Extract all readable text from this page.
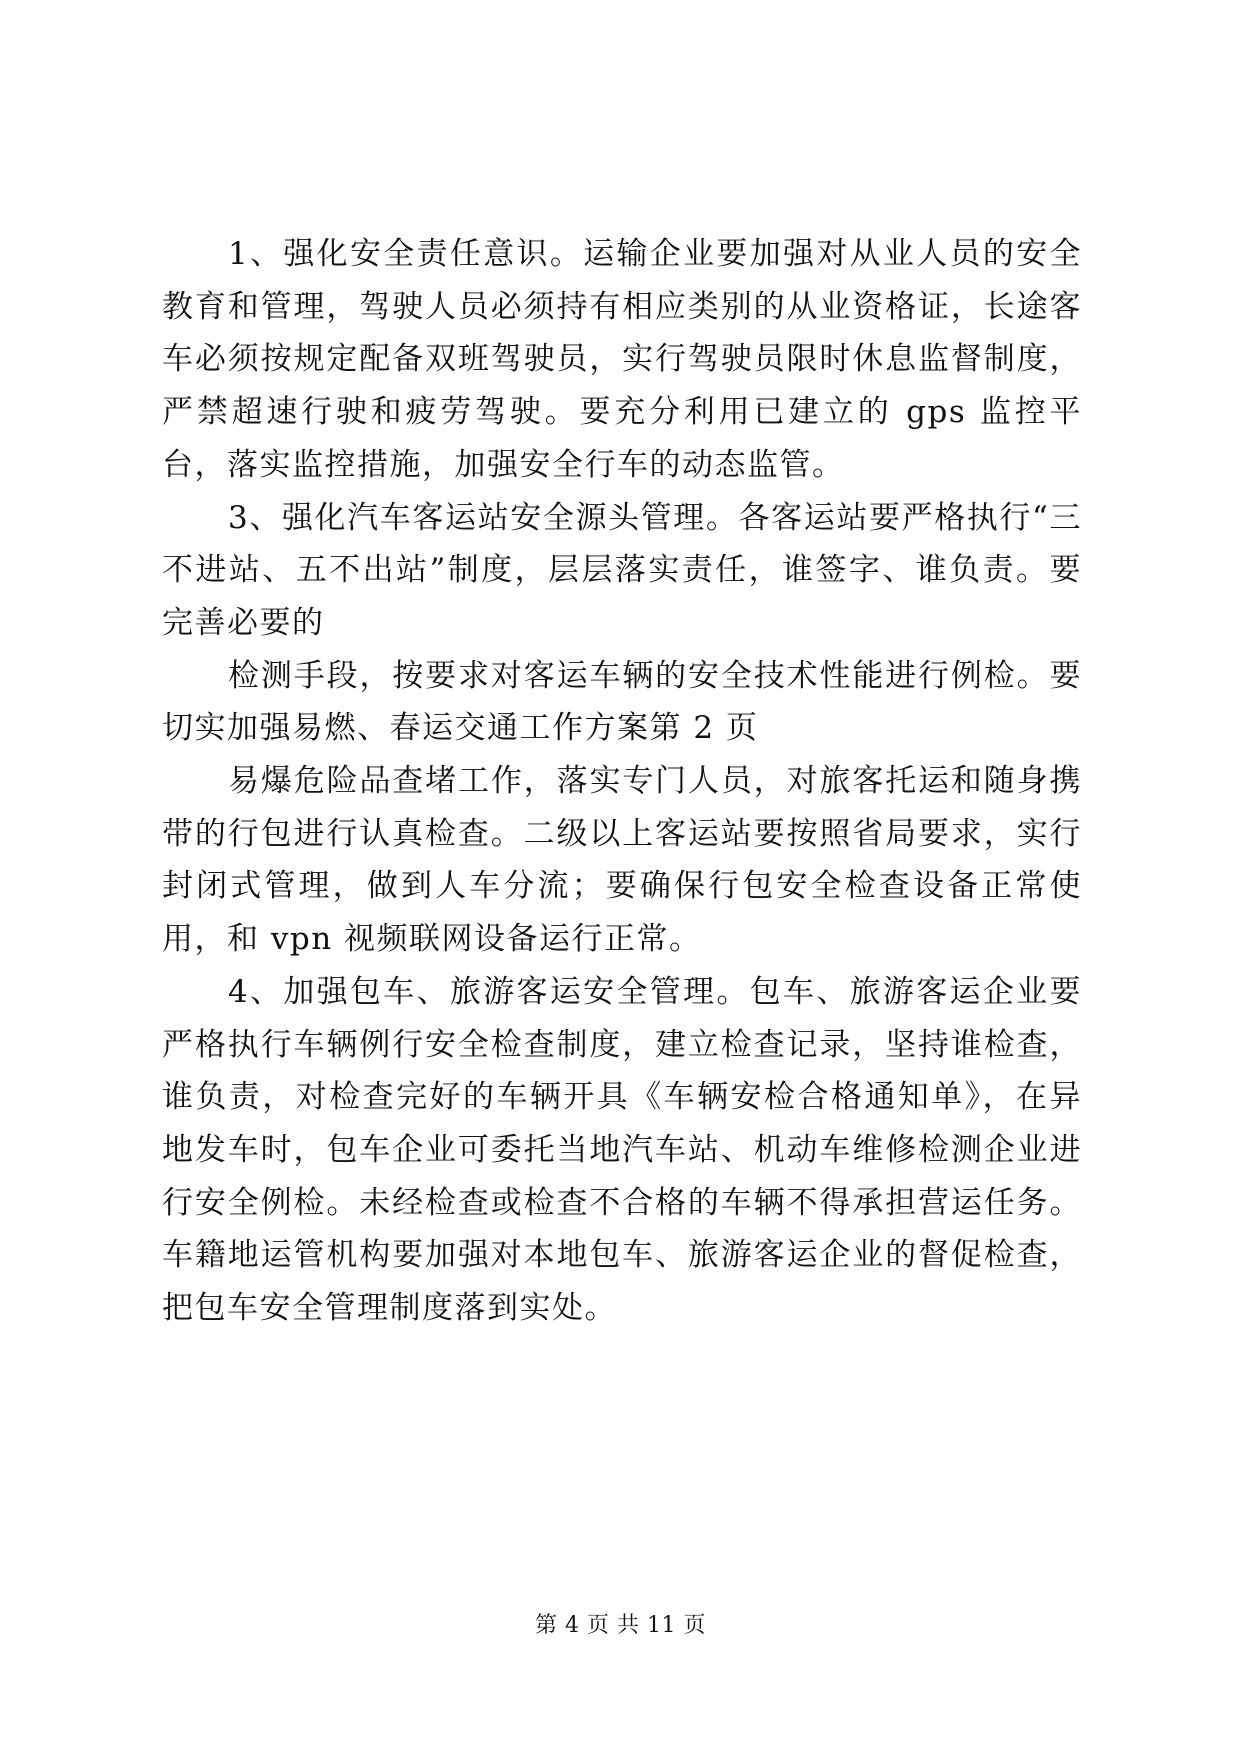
1、强化安全责任意识。运输企业要加强对从业人员的安全教育和管理，驾驶人员必须持有相应类别的从业资格证，长途客车必须按规定配备双班驾驶员，实行驾驶员限时休息监督制度，严禁超速行驶和疲劳驾驶。要充分利用已建立的 gps 监控平台，落实监控措施，加强安全行车的动态监管。

3、强化汽车客运站安全源头管理。各客运站要严格执行“三不进站、五不出站”制度，层层落实责任，谁签字、谁负责。要完善必要的

检测手段，按要求对客运车辆的安全技术性能进行例检。要切实加强易燃、春运交通工作方案第 2 页

易爆危险品查堵工作，落实专门人员，对旅客托运和随身携带的行包进行认真检查。二级以上客运站要按照省局要求，实行封闭式管理，做到人车分流；要确保行包安全检查设备正常使用，和 vpn 视频联网设备运行正常。

4、加强包车、旅游客运安全管理。包车、旅游客运企业要严格执行车辆例行安全检查制度，建立检查记录，坚持谁检查，谁负责，对检查完好的车辆开具《车辆安检合格通知单》，在异地发车时，包车企业可委托当地汽车站、机动车维修检测企业进行安全例检。未经检查或检查不合格的车辆不得承担营运任务。车籍地运管机构要加强对本地包车、旅游客运企业的督促检查，把包车安全管理制度落到实处。

第 4 页 共 11 页
